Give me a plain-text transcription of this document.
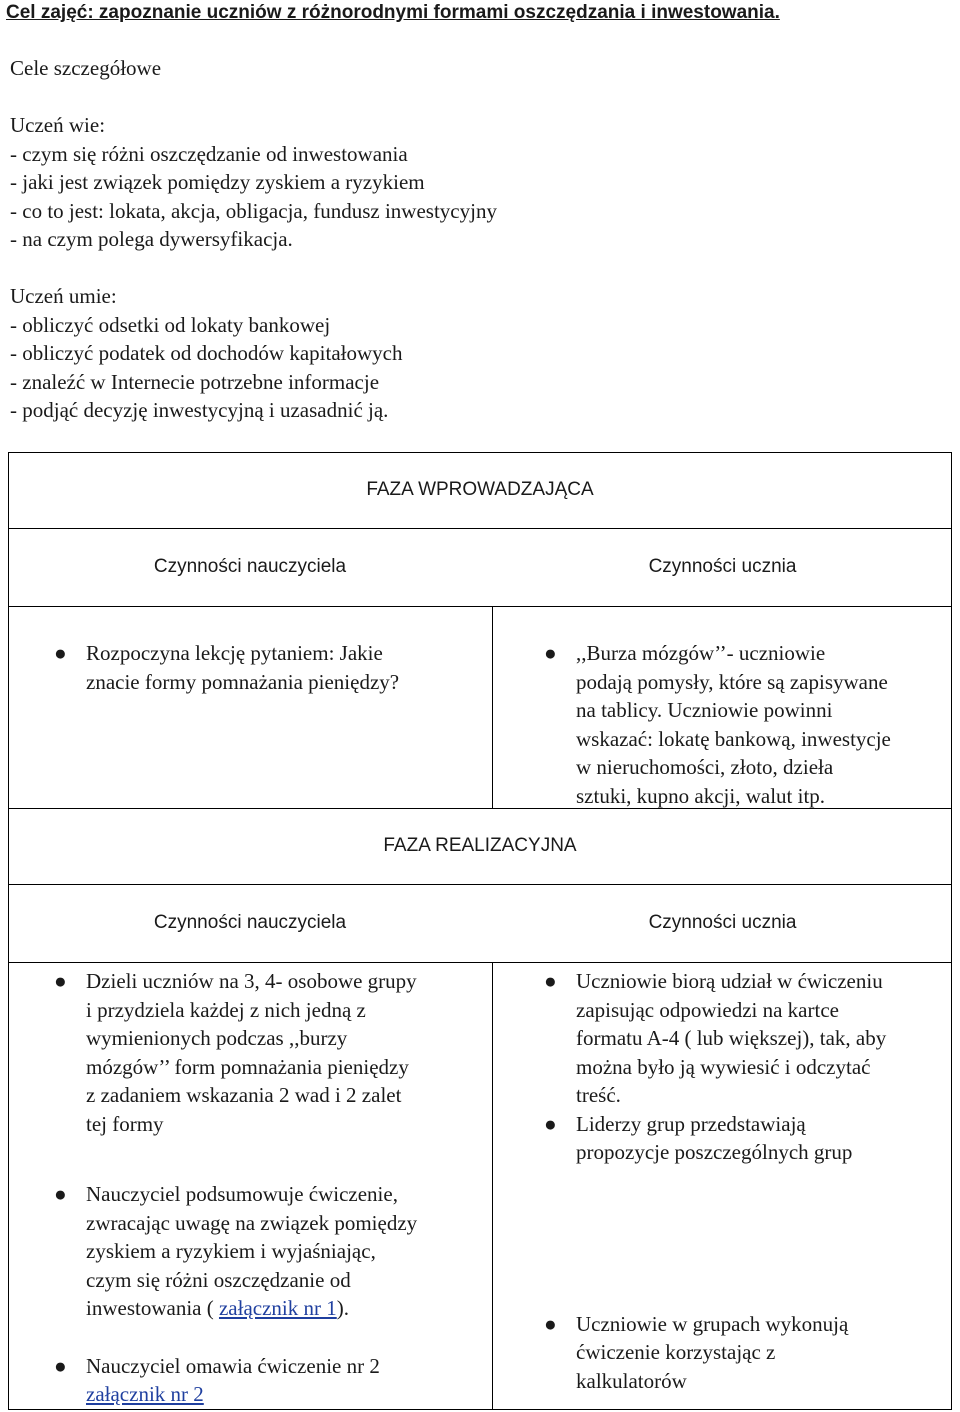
Cel zajęć: zapoznanie uczniów z różnorodnymi formami oszczędzania i inwestowania.
Cele szczegółowe
Uczeń wie:
- czym się różni oszczędzanie od inwestowania
- jaki jest związek pomiędzy zyskiem a ryzykiem
- co to jest: lokata, akcja, obligacja, fundusz inwestycyjny
- na czym polega dywersyfikacja.
Uczeń umie:
- obliczyć odsetki od lokaty bankowej
- obliczyć podatek od dochodów kapitałowych
- znaleźć w Internecie potrzebne informacje
- podjąć decyzję inwestycyjną i uzasadnić ją.
FAZA WPROWADZAJĄCA
Czynności nauczyciela	Czynności ucznia
● Rozpoczyna lekcję pytaniem: Jakie
znacie formy pomnażania pieniędzy?
● ,,Burza mózgów’’- uczniowie
podają pomysły, które są zapisywane
na tablicy. Uczniowie powinni
wskazać: lokatę bankową, inwestycje
w nieruchomości, złoto, dzieła
sztuki, kupno akcji, walut itp.
FAZA REALIZACYJNA
Czynności nauczyciela	Czynności ucznia
● Dzieli uczniów na 3, 4- osobowe grupy
i przydziela każdej z nich jedną z
wymienionych podczas ,,burzy
mózgów’’ form pomnażania pieniędzy
z zadaniem wskazania 2 wad i 2 zalet
tej formy
● Nauczyciel podsumowuje ćwiczenie,
zwracając uwagę na związek pomiędzy
zyskiem a ryzykiem i wyjaśniając,
czym się różni oszczędzanie od
inwestowania ( załącznik nr 1).
● Nauczyciel omawia ćwiczenie nr 2
załącznik nr 2
● Uczniowie biorą udział w ćwiczeniu
zapisując odpowiedzi na kartce
formatu A-4 ( lub większej), tak, aby
można było ją wywiesić i odczytać
treść.
● Liderzy grup przedstawiają
propozycje poszczególnych grup
● Uczniowie w grupach wykonują
ćwiczenie korzystając z
kalkulatorów
